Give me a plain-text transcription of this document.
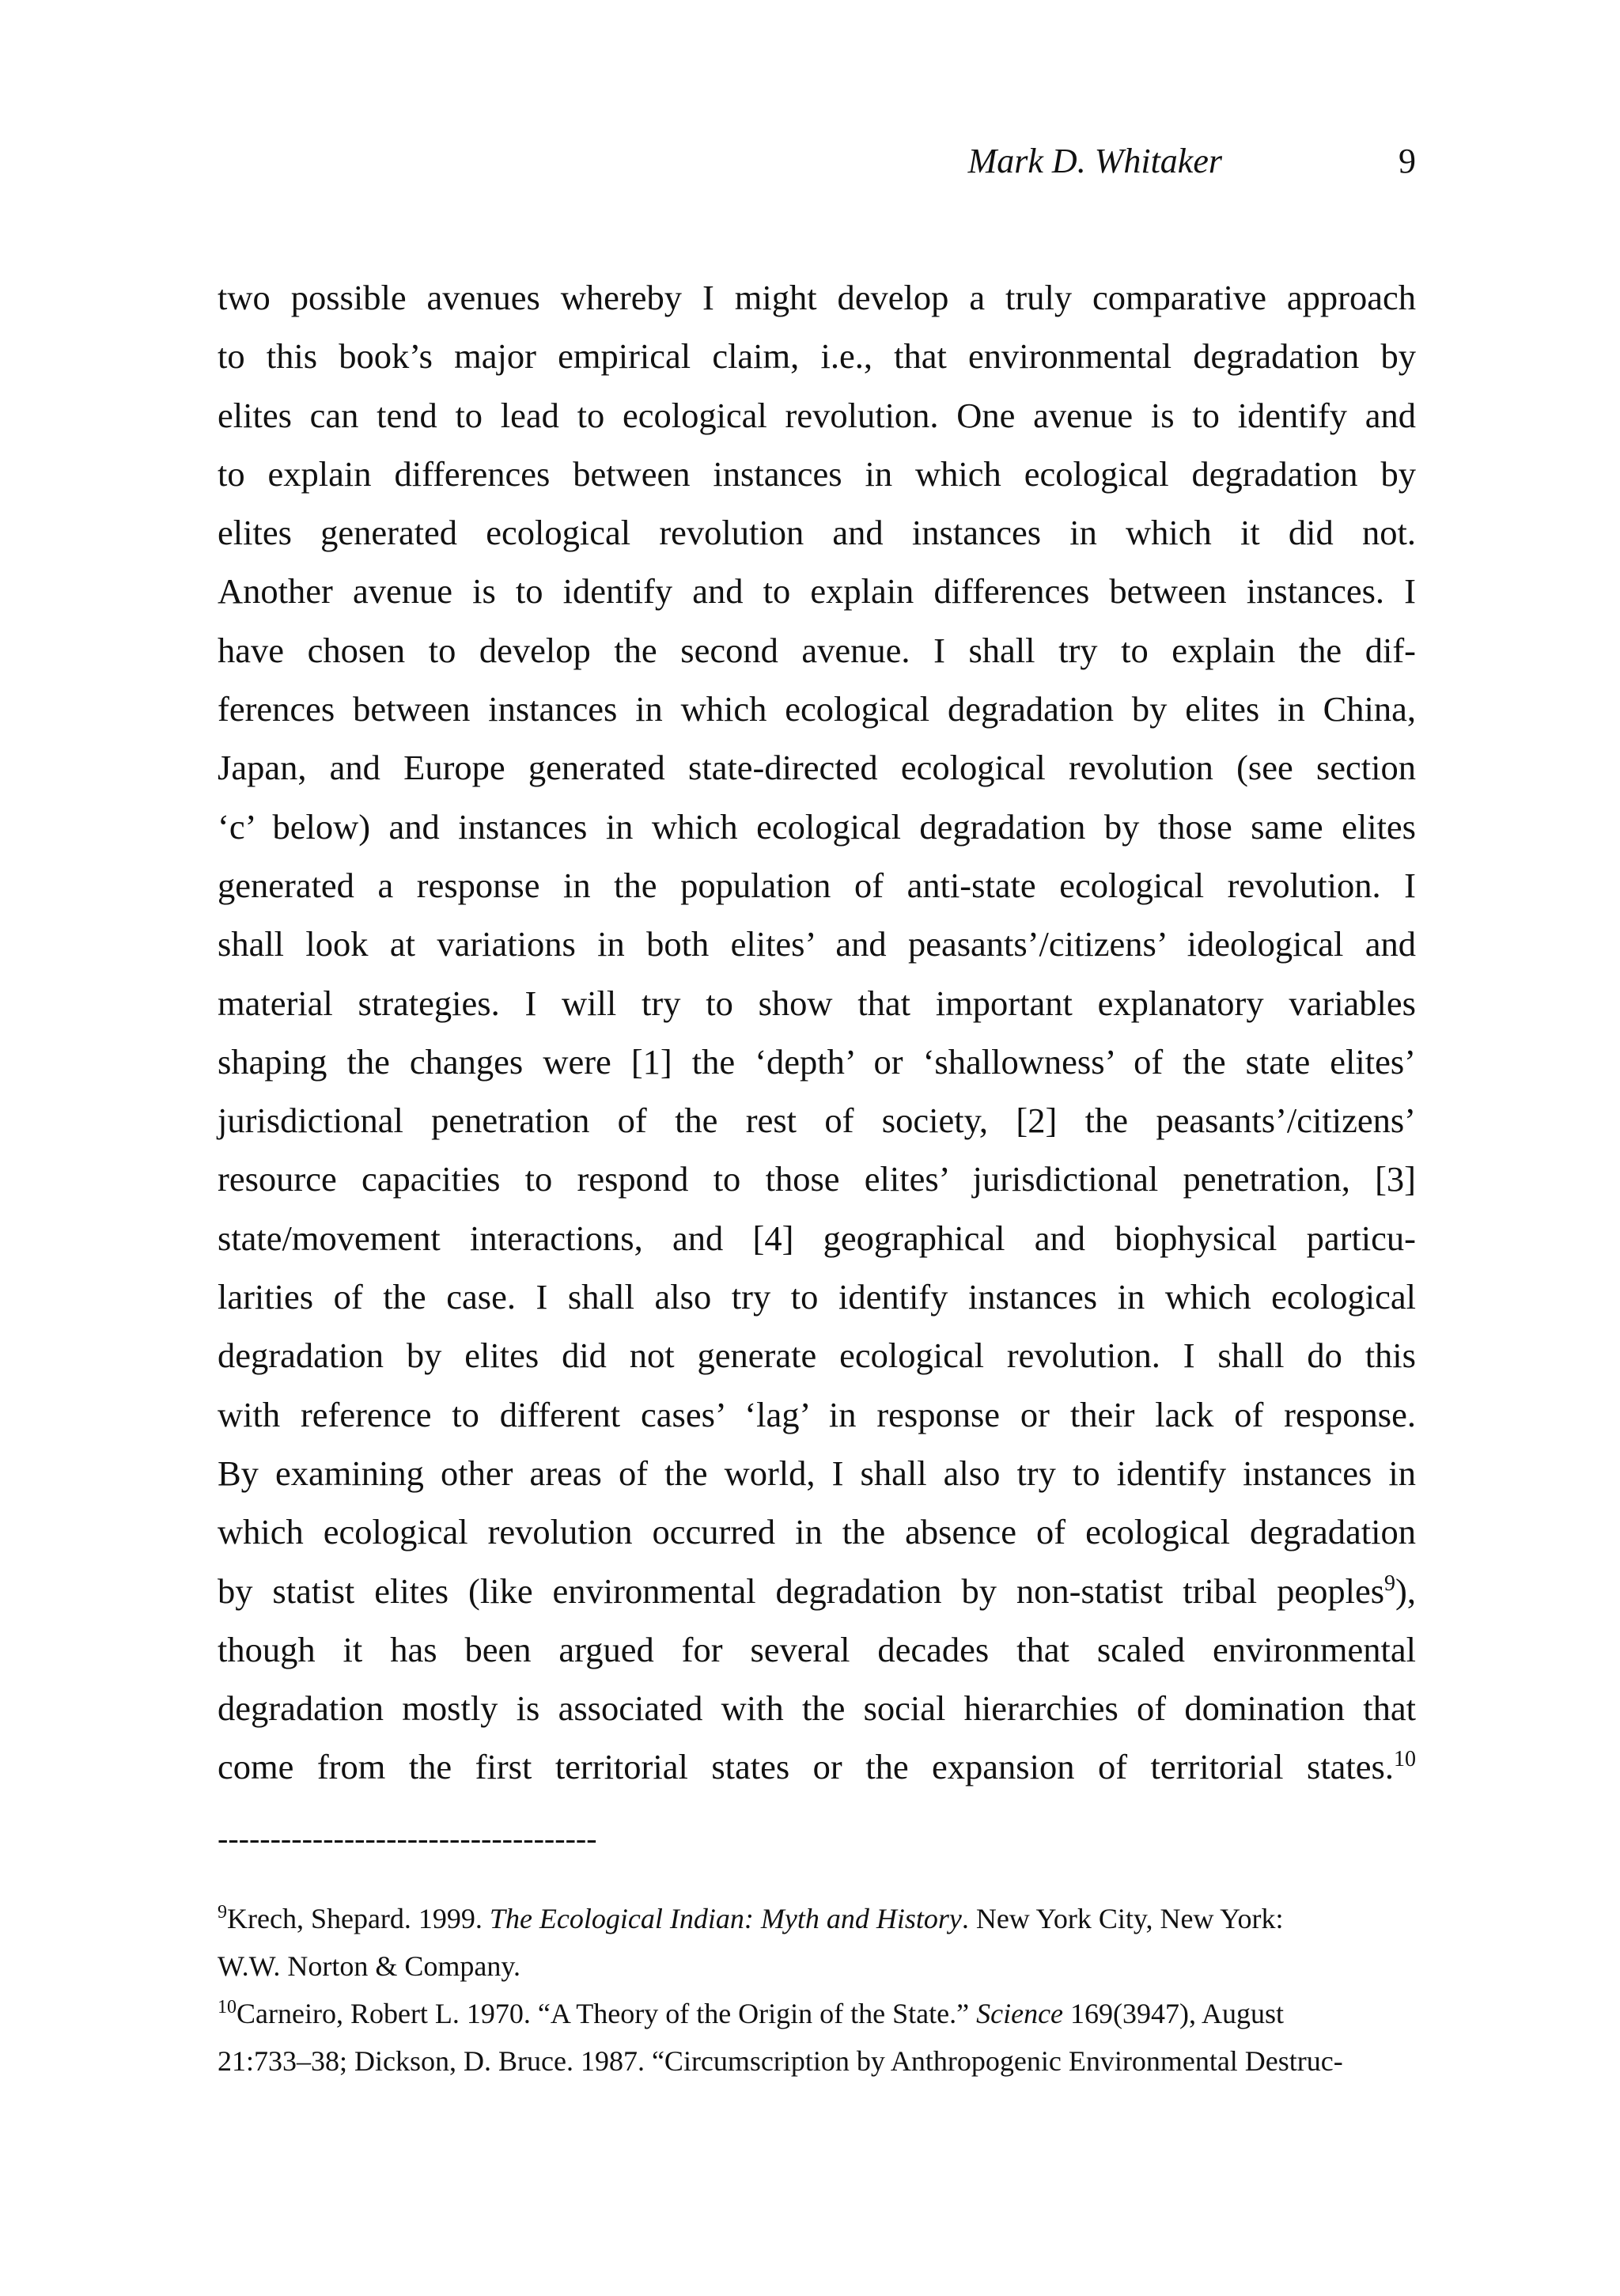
Mark D. Whitaker	9
two possible avenues whereby I might develop a truly comparative approach
to this book’s major empirical claim, i.e., that environmental degradation by
elites can tend to lead to ecological revolution. One avenue is to identify and
to explain differences between instances in which ecological degradation by
elites generated ecological revolution and instances in which it did not.
Another avenue is to identify and to explain differences between instances. I
have chosen to develop the second avenue. I shall try to explain the dif-
ferences between instances in which ecological degradation by elites in China,
Japan, and Europe generated state-directed ecological revolution (see section
‘c’ below) and instances in which ecological degradation by those same elites
generated a response in the population of anti-state ecological revolution. I
shall look at variations in both elites’ and peasants’/citizens’ ideological and
material strategies. I will try to show that important explanatory variables
shaping the changes were [1] the ‘depth’ or ‘shallowness’ of the state elites’
jurisdictional penetration of the rest of society, [2] the peasants’/citizens’
resource capacities to respond to those elites’ jurisdictional penetration, [3]
state/movement interactions, and [4] geographical and biophysical particu-
larities of the case. I shall also try to identify instances in which ecological
degradation by elites did not generate ecological revolution. I shall do this
with reference to different cases’ ‘lag’ in response or their lack of response.
By examining other areas of the world, I shall also try to identify instances in
which ecological revolution occurred in the absence of ecological degradation
by statist elites (like environmental degradation by non-statist tribal peoples$^9$),
though it has been argued for several decades that scaled environmental
degradation mostly is associated with the social hierarchies of domination that
come from the first territorial states or the expansion of territorial states.$^{10}$
------------------------------------
$^9$Krech, Shepard. 1999. The Ecological Indian: Myth and History. New York City, New York:
W.W. Norton & Company.
$^{10}$Carneiro, Robert L. 1970. “A Theory of the Origin of the State.” Science 169(3947), August
21:733–38; Dickson, D. Bruce. 1987. “Circumscription by Anthropogenic Environmental Destruc-
